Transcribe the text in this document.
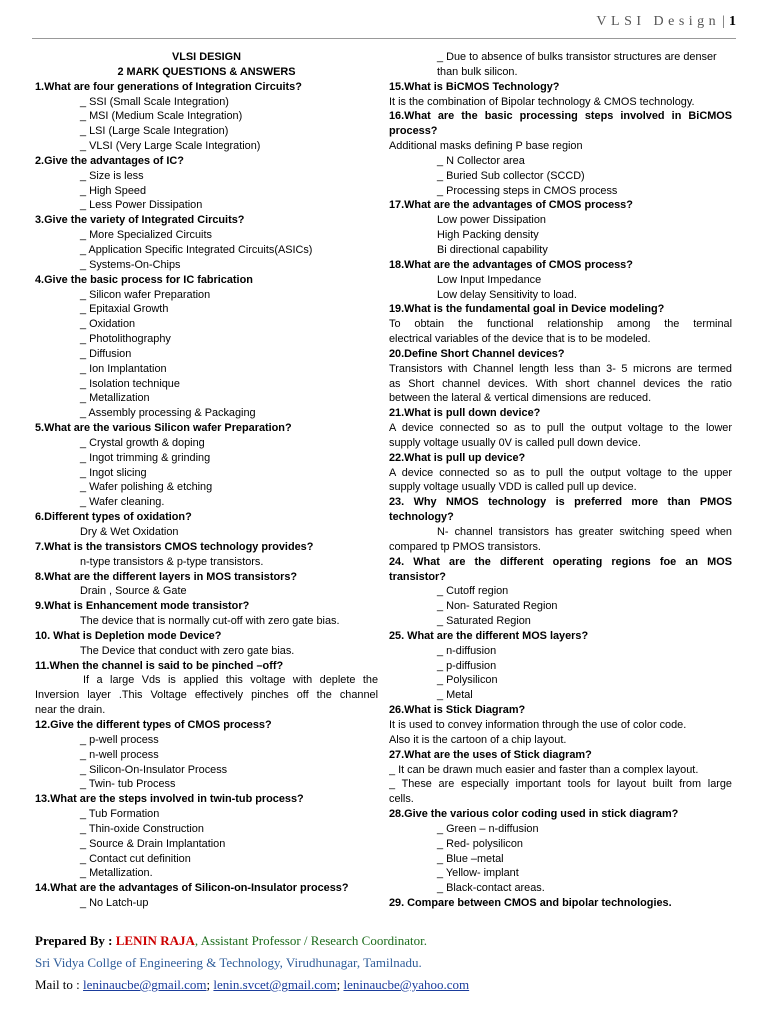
VLSI Design | 1
VLSI DESIGN
2 MARK QUESTIONS & ANSWERS
1.What are four generations of Integration Circuits?
_ SSI (Small Scale Integration)
_ MSI (Medium Scale Integration)
_ LSI (Large Scale Integration)
_ VLSI (Very Large Scale Integration)
2.Give the advantages of IC?
_ Size is less
_ High Speed
_ Less Power Dissipation
3.Give the variety of Integrated Circuits?
_ More Specialized Circuits
_ Application Specific Integrated Circuits(ASICs)
_ Systems-On-Chips
4.Give the basic process for IC fabrication
_ Silicon wafer Preparation
_ Epitaxial Growth
_ Oxidation
_ Photolithography
_ Diffusion
_ Ion Implantation
_ Isolation technique
_ Metallization
_ Assembly processing & Packaging
5.What are the various Silicon wafer Preparation?
_ Crystal growth & doping
_ Ingot trimming & grinding
_ Ingot slicing
_ Wafer polishing & etching
_ Wafer cleaning.
6.Different types of oxidation?
Dry & Wet Oxidation
7.What is the transistors CMOS technology provides?
n-type transistors & p-type transistors.
8.What are the different layers in MOS transistors?
Drain , Source & Gate
9.What is Enhancement mode transistor?
The device that is normally cut-off with zero gate bias.
10. What is Depletion mode Device?
The Device that conduct with zero gate bias.
11.When the channel is said to be pinched –off?
If a large Vds is applied this voltage with deplete the
Inversion layer .This Voltage effectively pinches off the channel
near the drain.
12.Give the different types of CMOS process?
_ p-well process
_ n-well process
_ Silicon-On-Insulator Process
_ Twin- tub Process
13.What are the steps involved in twin-tub process?
_ Tub Formation
_ Thin-oxide Construction
_ Source & Drain Implantation
_ Contact cut definition
_ Metallization.
14.What are the advantages of Silicon-on-Insulator process?
_ No Latch-up
_ Due to absence of bulks transistor structures are denser
than bulk silicon.
15.What is BiCMOS Technology?
It is the combination of Bipolar technology & CMOS technology.
16.What are the basic processing steps involved in BiCMOS
process?
Additional masks defining P base region
_ N Collector area
_ Buried Sub collector (SCCD)
_ Processing steps in CMOS process
17.What are the advantages of CMOS process?
Low power Dissipation
High Packing density
Bi directional capability
18.What are the advantages of CMOS process?
Low Input Impedance
Low delay Sensitivity to load.
19.What is the fundamental goal in Device modeling?
To obtain the functional relationship among the terminal
electrical variables of the device that is to be modeled.
20.Define Short Channel devices?
Transistors with Channel length less than 3- 5 microns are termed
as Short channel devices. With short channel devices the ratio
between the lateral & vertical dimensions are reduced.
21.What is pull down device?
A device connected so as to pull the output voltage to the lower
supply voltage usually 0V is called pull down device.
22.What is pull up device?
A device connected so as to pull the output voltage to the upper
supply voltage usually VDD is called pull up device.
23. Why NMOS technology is preferred more than PMOS
technology?
N- channel transistors has greater switching speed when
compared tp PMOS transistors.
24. What are the different operating regions foe an MOS
transistor?
_ Cutoff region
_ Non- Saturated Region
_ Saturated Region
25. What are the different MOS layers?
_ n-diffusion
_ p-diffusion
_ Polysilicon
_ Metal
26.What is Stick Diagram?
It is used to convey information through the use of color code.
Also it is the cartoon of a chip layout.
27.What are the uses of Stick diagram?
_ It can be drawn much easier and faster than a complex layout.
_ These are especially important tools for layout built from large
cells.
28.Give the various color coding used in stick diagram?
_ Green – n-diffusion
_ Red- polysilicon
_ Blue –metal
_ Yellow- implant
_ Black-contact areas.
29. Compare between CMOS and bipolar technologies.
Prepared By : LENIN RAJA, Assistant Professor / Research Coordinator.
Sri Vidya Collge of Engineering & Technology, Virudhunagar, Tamilnadu.
Mail to : leninaucbe@gmail.com; lenin.svcet@gmail.com; leninaucbe@yahoo.com
